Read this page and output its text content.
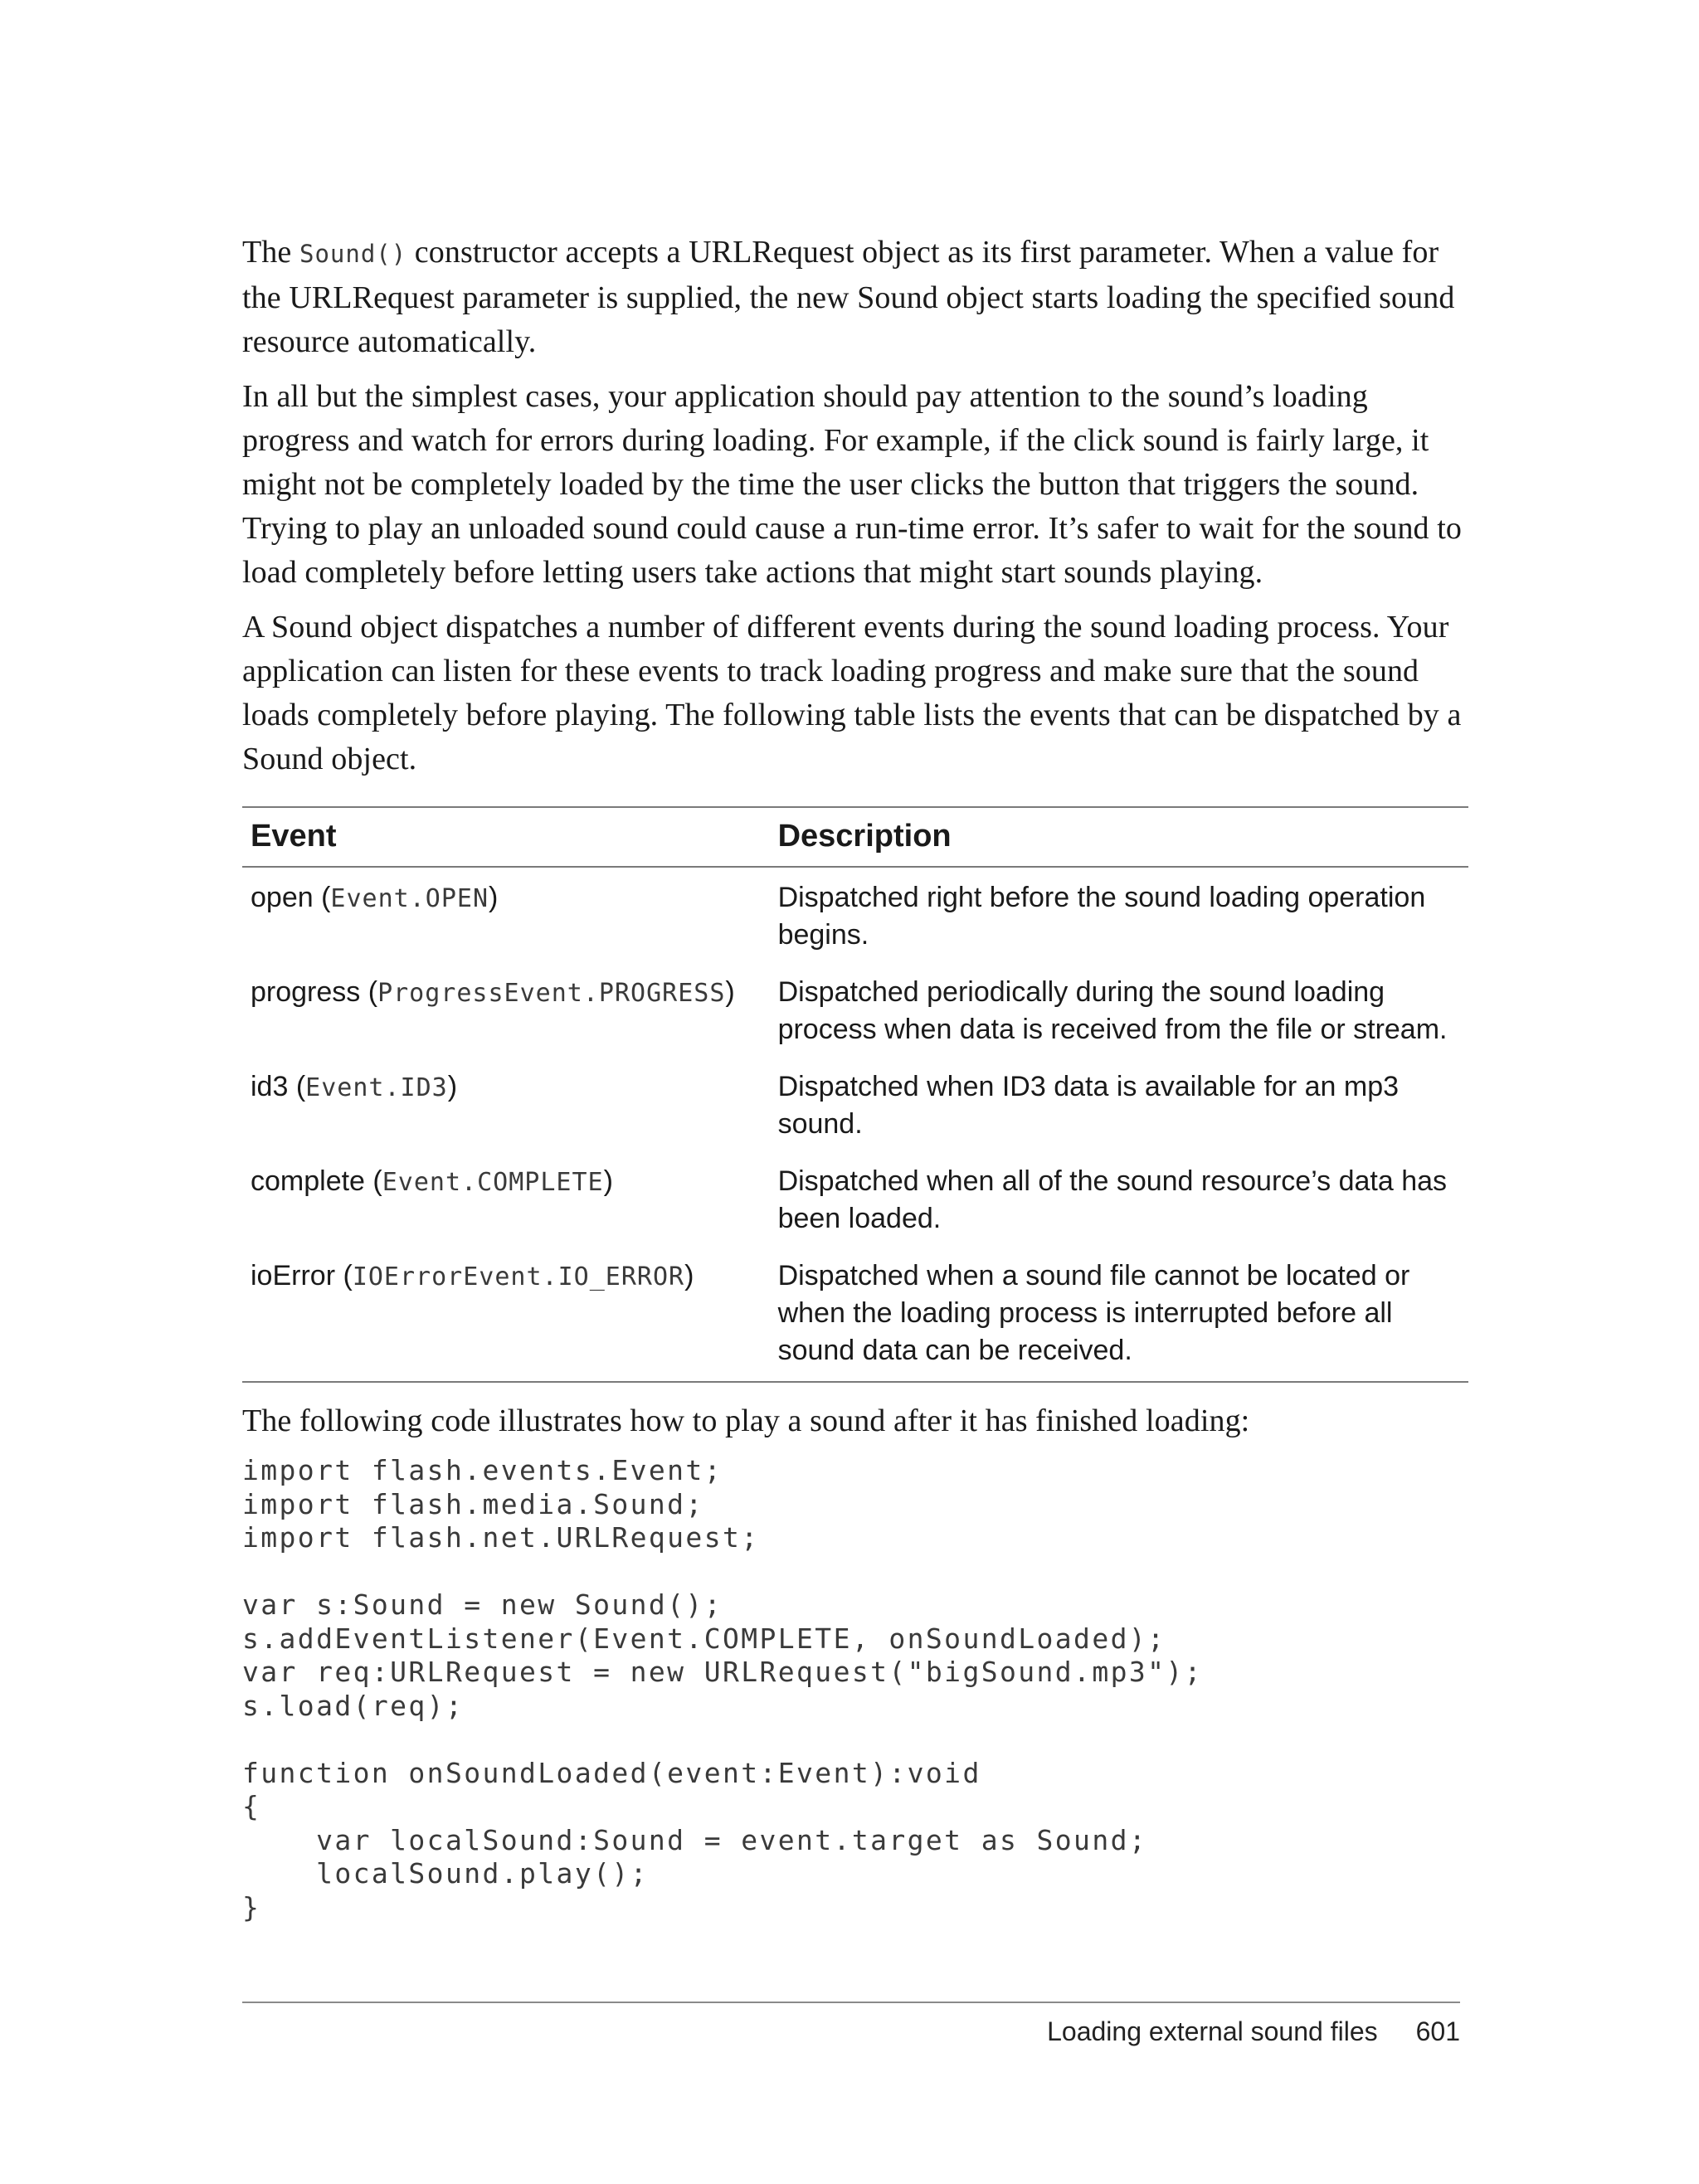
The Sound() constructor accepts a URLRequest object as its first parameter. When a value for the URLRequest parameter is supplied, the new Sound object starts loading the specified sound resource automatically.

In all but the simplest cases, your application should pay attention to the sound’s loading progress and watch for errors during loading. For example, if the click sound is fairly large, it might not be completely loaded by the time the user clicks the button that triggers the sound. Trying to play an unloaded sound could cause a run-time error. It’s safer to wait for the sound to load completely before letting users take actions that might start sounds playing.

A Sound object dispatches a number of different events during the sound loading process. Your application can listen for these events to track loading progress and make sure that the sound loads completely before playing. The following table lists the events that can be dispatched by a Sound object.

Event	Description
open (Event.OPEN)	Dispatched right before the sound loading operation begins.
progress (ProgressEvent.PROGRESS)	Dispatched periodically during the sound loading process when data is received from the file or stream.
id3 (Event.ID3)	Dispatched when ID3 data is available for an mp3 sound.
complete (Event.COMPLETE)	Dispatched when all of the sound resource’s data has been loaded.
ioError (IOErrorEvent.IO_ERROR)	Dispatched when a sound file cannot be located or when the loading process is interrupted before all sound data can be received.

The following code illustrates how to play a sound after it has finished loading:

import flash.events.Event;
import flash.media.Sound;
import flash.net.URLRequest;

var s:Sound = new Sound();
s.addEventListener(Event.COMPLETE, onSoundLoaded);
var req:URLRequest = new URLRequest("bigSound.mp3");
s.load(req);

function onSoundLoaded(event:Event):void
{
var localSound:Sound = event.target as Sound;
localSound.play();
}
Loading external sound files 601
